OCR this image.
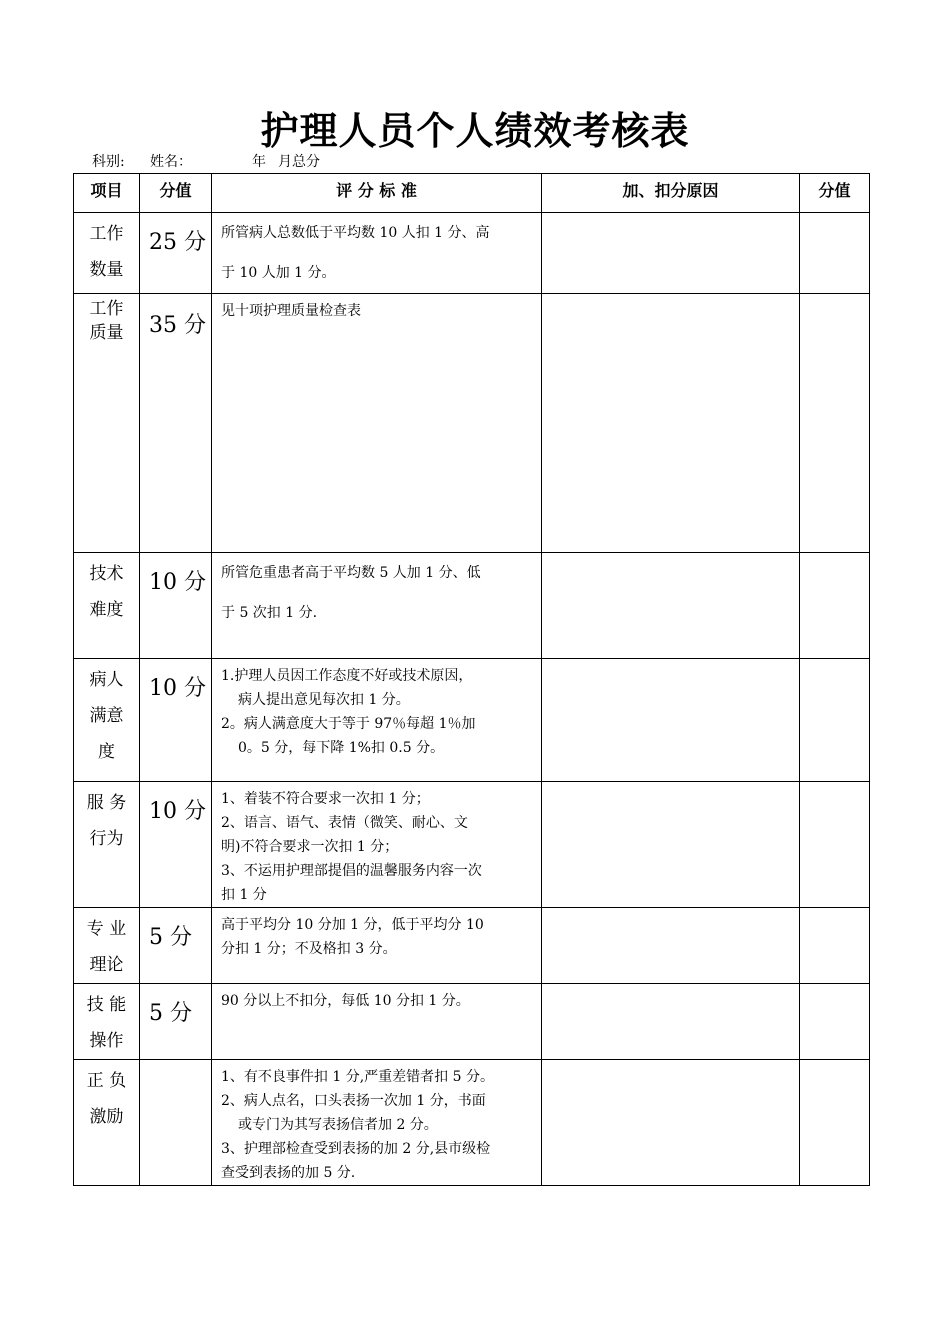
护理人员个人绩效考核表
科别: 姓名：	年 月总分
项目	分值	评 分 标 准	加、扣分原因	分值

工作
数量	25 分	所管病人总数低于平均数 10 人扣 1 分、高
于 10 人加 1 分。		

工作
质量	35 分	见十项护理质量检查表		

技术
难度	10 分	所管危重患者高于平均数 5 人加 1 分、低
于 5 次扣 1 分.		

病人
满意
度	10 分	1.护理人员因工作态度不好或技术原因，
病人提出意见每次扣 1 分。
2。病人满意度大于等于 97％每超 1％加
0。5 分，每下降 1%扣 0.5 分。		

服 务
行为	10 分	1、着装不符合要求一次扣 1 分；
2、语言、语气、表情（微笑、耐心、文
明)不符合要求一次扣 1 分；
3、不运用护理部提倡的温馨服务内容一次
扣 1 分		

专 业
理论	5 分	高于平均分 10 分加 1 分，低于平均分 10
分扣 1 分；不及格扣 3 分。		

技 能
操作	5 分	90 分以上不扣分，每低 10 分扣 1 分。		

正 负
激励		1、有不良事件扣 1 分,严重差错者扣 5 分。
2、病人点名，口头表扬一次加 1 分，书面
或专门为其写表扬信者加 2 分。
3、护理部检查受到表扬的加 2 分,县市级检
查受到表扬的加 5 分.		
